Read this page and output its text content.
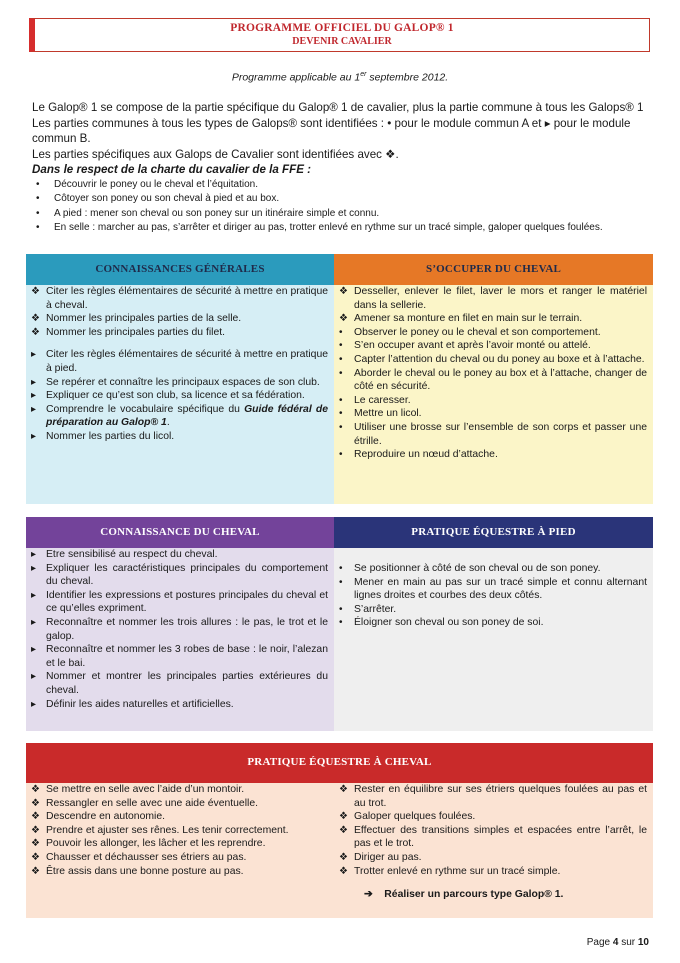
PROGRAMME OFFICIEL DU GALOP® 1
DEVENIR CAVALIER
Programme applicable au 1er septembre 2012.

Le Galop® 1 se compose de la partie spécifique du Galop® 1 de cavalier, plus la partie commune à tous les Galops® 1

Les parties communes à tous les types de Galops® sont identifiées : • pour le module commun A et ▸ pour le module commun B.

Les parties spécifiques aux Galops de Cavalier sont identifiées avec ❖.

Dans le respect de la charte du cavalier de la FFE :

• Découvrir le poney ou le cheval et l’équitation.
• Côtoyer son poney ou son cheval à pied et au box.
• A pied : mener son cheval ou son poney sur un itinéraire simple et connu.
• En selle : marcher au pas, s’arrêter et diriger au pas, trotter enlevé en rythme sur un tracé simple, galoper quelques foulées.
CONNAISSANCES GÉNÉRALES
❖ Citer les règles élémentaires de sécurité à mettre en pratique à cheval.
❖ Nommer les principales parties de la selle.
❖ Nommer les principales parties du filet.
▸ Citer les règles élémentaires de sécurité à mettre en pratique à pied.
▸ Se repérer et connaître les principaux espaces de son club.
▸ Expliquer ce qu’est son club, sa licence et sa fédération.
▸ Comprendre le vocabulaire spécifique du Guide fédéral de préparation au Galop® 1.
▸ Nommer les parties du licol.
S’OCCUPER DU CHEVAL
❖ Desseller, enlever le filet, laver le mors et ranger le matériel dans la sellerie.
❖ Amener sa monture en filet en main sur le terrain.
• Observer le poney ou le cheval et son comportement.
• S’en occuper avant et après l’avoir monté ou attelé.
• Capter l’attention du cheval ou du poney au boxe et à l’attache.
• Aborder le cheval ou le poney au box et à l’attache, changer de côté en sécurité.
• Le caresser.
• Mettre un licol.
• Utiliser une brosse sur l’ensemble de son corps et passer une étrille.
• Reproduire un nœud d’attache.
CONNAISSANCE DU CHEVAL
▸ Etre sensibilisé au respect du cheval.
▸ Expliquer les caractéristiques principales du comportement du cheval.
▸ Identifier les expressions et postures principales du cheval et ce qu’elles expriment.
▸ Reconnaître et nommer les trois allures : le pas, le trot et le galop.
▸ Reconnaître et nommer les 3 robes de base : le noir, l’alezan et le bai.
▸ Nommer et montrer les principales parties extérieures du cheval.
▸ Définir les aides naturelles et artificielles.
PRATIQUE ÉQUESTRE À PIED
• Se positionner à côté de son cheval ou de son poney.
• Mener en main au pas sur un tracé simple et connu alternant lignes droites et courbes des deux côtés.
• S’arrêter.
• Éloigner son cheval ou son poney de soi.
PRATIQUE ÉQUESTRE À CHEVAL
❖ Se mettre en selle avec l’aide d’un montoir.
❖ Ressangler en selle avec une aide éventuelle.
❖ Descendre en autonomie.
❖ Prendre et ajuster ses rênes. Les tenir correctement.
❖ Pouvoir les allonger, les lâcher et les reprendre.
❖ Chausser et déchausser ses étriers au pas.
❖ Être assis dans une bonne posture au pas.
❖ Rester en équilibre sur ses étriers quelques foulées au pas et au trot.
❖ Galoper quelques foulées.
❖ Effectuer des transitions simples et espacées entre l’arrêt, le pas et le trot.
❖ Diriger au pas.
❖ Trotter enlevé en rythme sur un tracé simple.
➔ Réaliser un parcours type Galop® 1.
Page 4 sur 10
